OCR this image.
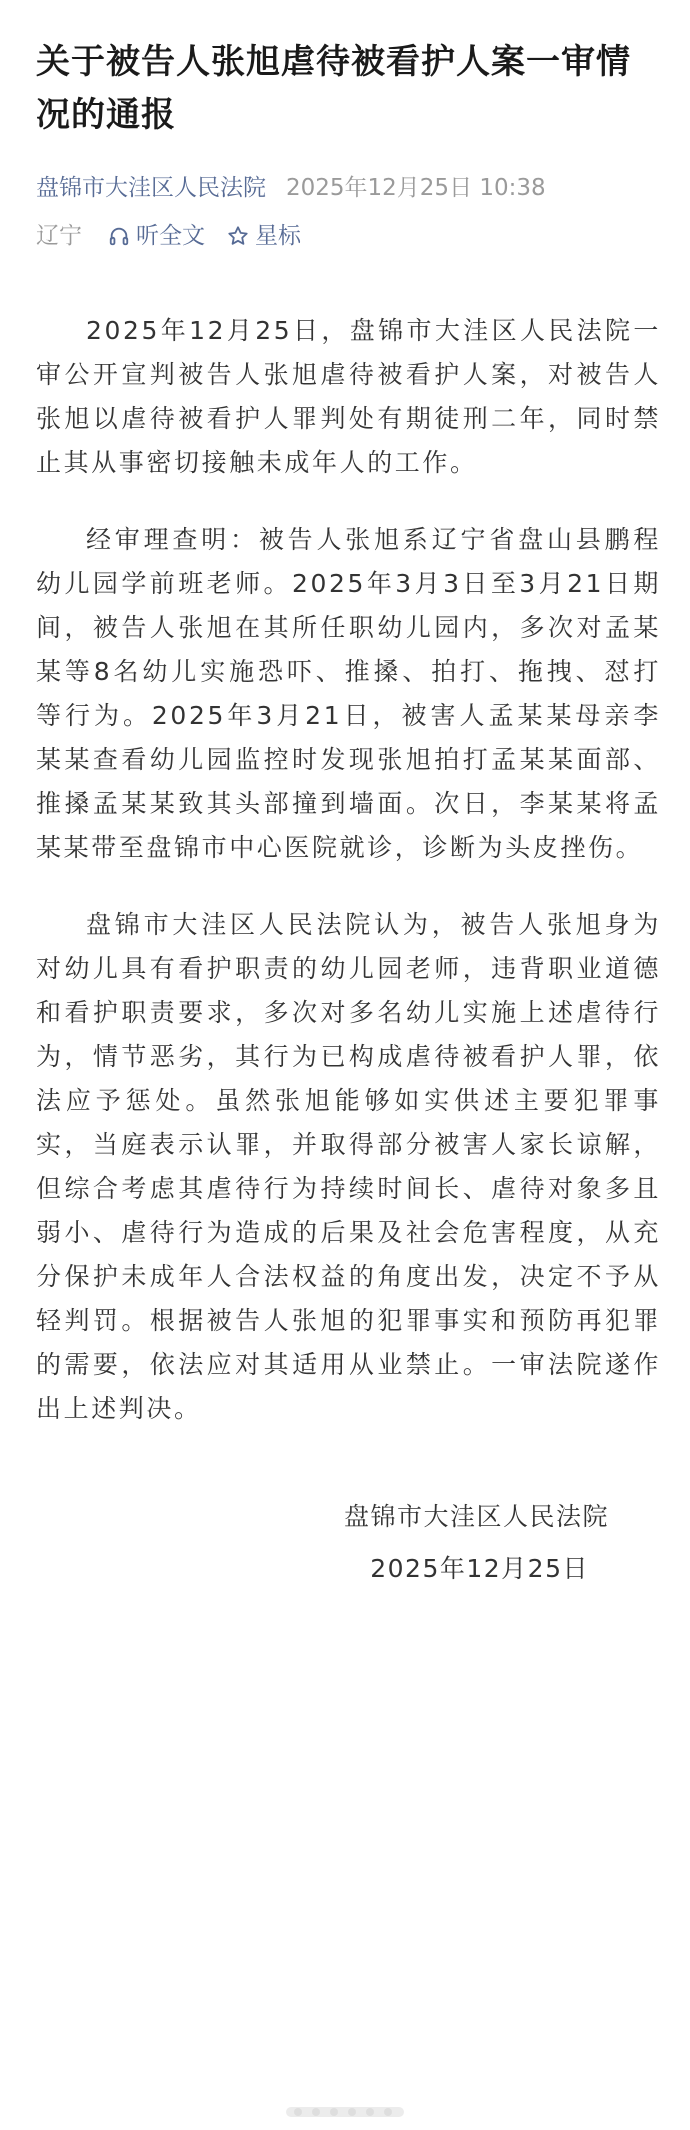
关于被告人张旭虐待被看护人案一审情况的通报
盘锦市大洼区人民法院 2025年12月25日 10:38
辽宁 听全文 星标

2025年12月25日，盘锦市大洼区人民法院一审公开宣判被告人张旭虐待被看护人案，对被告人张旭以虐待被看护人罪判处有期徒刑二年，同时禁止其从事密切接触未成年人的工作。

经审理查明：被告人张旭系辽宁省盘山县鹏程幼儿园学前班老师。2025年3月3日至3月21日期间，被告人张旭在其所任职幼儿园内，多次对孟某某等8名幼儿实施恐吓、推搡、拍打、拖拽、怼打等行为。2025年3月21日，被害人孟某某母亲李某某查看幼儿园监控时发现张旭拍打孟某某面部、推搡孟某某致其头部撞到墙面。次日，李某某将孟某某带至盘锦市中心医院就诊，诊断为头皮挫伤。

盘锦市大洼区人民法院认为，被告人张旭身为对幼儿具有看护职责的幼儿园老师，违背职业道德和看护职责要求，多次对多名幼儿实施上述虐待行为，情节恶劣，其行为已构成虐待被看护人罪，依法应予惩处。虽然张旭能够如实供述主要犯罪事实，当庭表示认罪，并取得部分被害人家长谅解，但综合考虑其虐待行为持续时间长、虐待对象多且弱小、虐待行为造成的后果及社会危害程度，从充分保护未成年人合法权益的角度出发，决定不予从轻判罚。根据被告人张旭的犯罪事实和预防再犯罪的需要，依法应对其适用从业禁止。一审法院遂作出上述判决。

盘锦市大洼区人民法院
2025年12月25日
